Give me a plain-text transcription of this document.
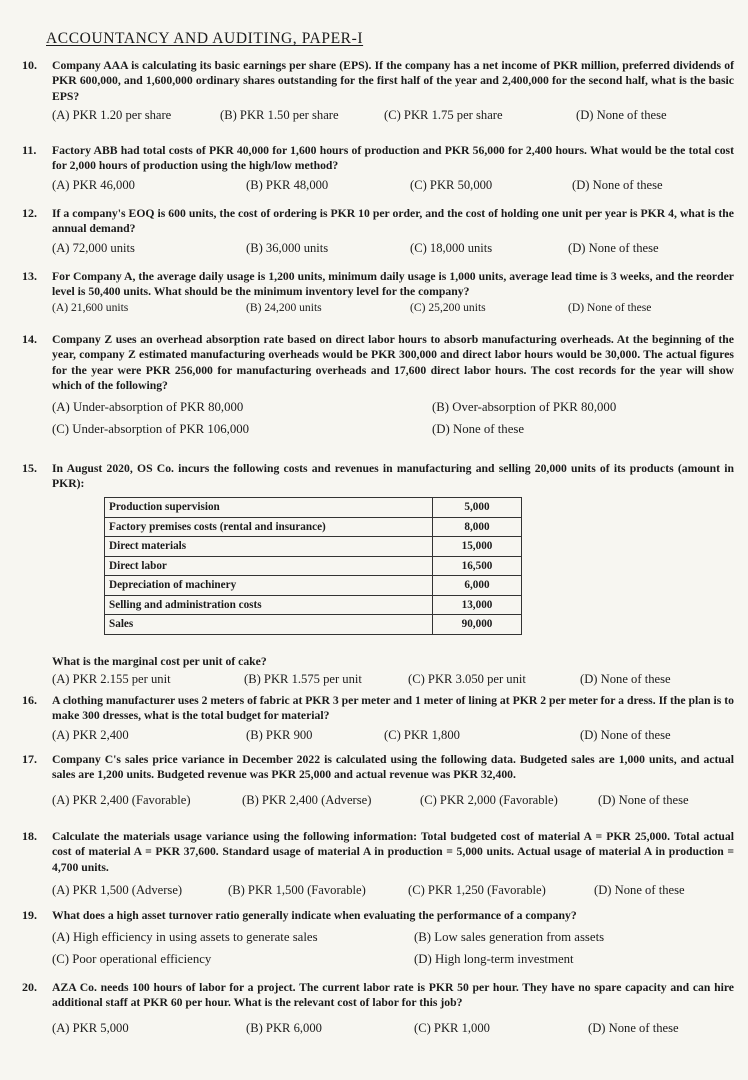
ACCOUNTANCY AND AUDITING, PAPER-I
10.	Company AAA is calculating its basic earnings per share (EPS). If the company has a net income of PKR million, preferred dividends of PKR 600,000, and 1,600,000 ordinary shares outstanding for the first half of the year and 2,400,000 for the second half, what is the basic EPS?
(A) PKR 1.20 per share	(B) PKR 1.50 per share	(C) PKR 1.75 per share	(D) None of these
11.	Factory ABB had total costs of PKR 40,000 for 1,600 hours of production and PKR 56,000 for 2,400 hours. What would be the total cost for 2,000 hours of production using the high/low method?
(A) PKR 46,000	(B) PKR 48,000	(C) PKR 50,000	(D) None of these
12.	If a company's EOQ is 600 units, the cost of ordering is PKR 10 per order, and the cost of holding one unit per year is PKR 4, what is the annual demand?
(A) 72,000 units	(B) 36,000 units	(C) 18,000 units	(D) None of these
13.	For Company A, the average daily usage is 1,200 units, minimum daily usage is 1,000 units, average lead time is 3 weeks, and the reorder level is 50,400 units. What should be the minimum inventory level for the company?
(A) 21,600 units	(B) 24,200 units	(C) 25,200 units	(D) None of these
14.	Company Z uses an overhead absorption rate based on direct labor hours to absorb manufacturing overheads. At the beginning of the year, company Z estimated manufacturing overheads would be PKR 300,000 and direct labor hours would be 30,000. The actual figures for the year were PKR 256,000 for manufacturing overheads and 17,600 direct labor hours. The cost records for the year will show which of the following?
(A) Under-absorption of PKR 80,000	(B) Over-absorption of PKR 80,000
(C) Under-absorption of PKR 106,000	(D) None of these
15.	In August 2020, OS Co. incurs the following costs and revenues in manufacturing and selling 20,000 units of its products (amount in PKR):
Production supervision	5,000
Factory premises costs (rental and insurance)	8,000
Direct materials	15,000
Direct labor	16,500
Depreciation of machinery	6,000
Selling and administration costs	13,000
Sales	90,000
What is the marginal cost per unit of cake?
(A) PKR 2.155 per unit	(B) PKR 1.575 per unit	(C) PKR 3.050 per unit	(D) None of these
16.	A clothing manufacturer uses 2 meters of fabric at PKR 3 per meter and 1 meter of lining at PKR 2 per meter for a dress. If the plan is to make 300 dresses, what is the total budget for material?
(A) PKR 2,400	(B) PKR 900	(C) PKR 1,800	(D) None of these
17.	Company C's sales price variance in December 2022 is calculated using the following data. Budgeted sales are 1,000 units, and actual sales are 1,200 units. Budgeted revenue was PKR 25,000 and actual revenue was PKR 32,400.
(A) PKR 2,400 (Favorable)	(B) PKR 2,400 (Adverse)	(C) PKR 2,000 (Favorable)	(D) None of these
18.	Calculate the materials usage variance using the following information: Total budgeted cost of material A = PKR 25,000. Total actual cost of material A = PKR 37,600. Standard usage of material A in production = 5,000 units. Actual usage of material A in production = 4,700 units.
(A) PKR 1,500 (Adverse)	(B) PKR 1,500 (Favorable)	(C) PKR 1,250 (Favorable)	(D) None of these
19.	What does a high asset turnover ratio generally indicate when evaluating the performance of a company?
(A) High efficiency in using assets to generate sales	(B) Low sales generation from assets
(C) Poor operational efficiency	(D) High long-term investment
20.	AZA Co. needs 100 hours of labor for a project. The current labor rate is PKR 50 per hour. They have no spare capacity and can hire additional staff at PKR 60 per hour. What is the relevant cost of labor for this job?
(A) PKR 5,000	(B) PKR 6,000	(C) PKR 1,000	(D) None of these
